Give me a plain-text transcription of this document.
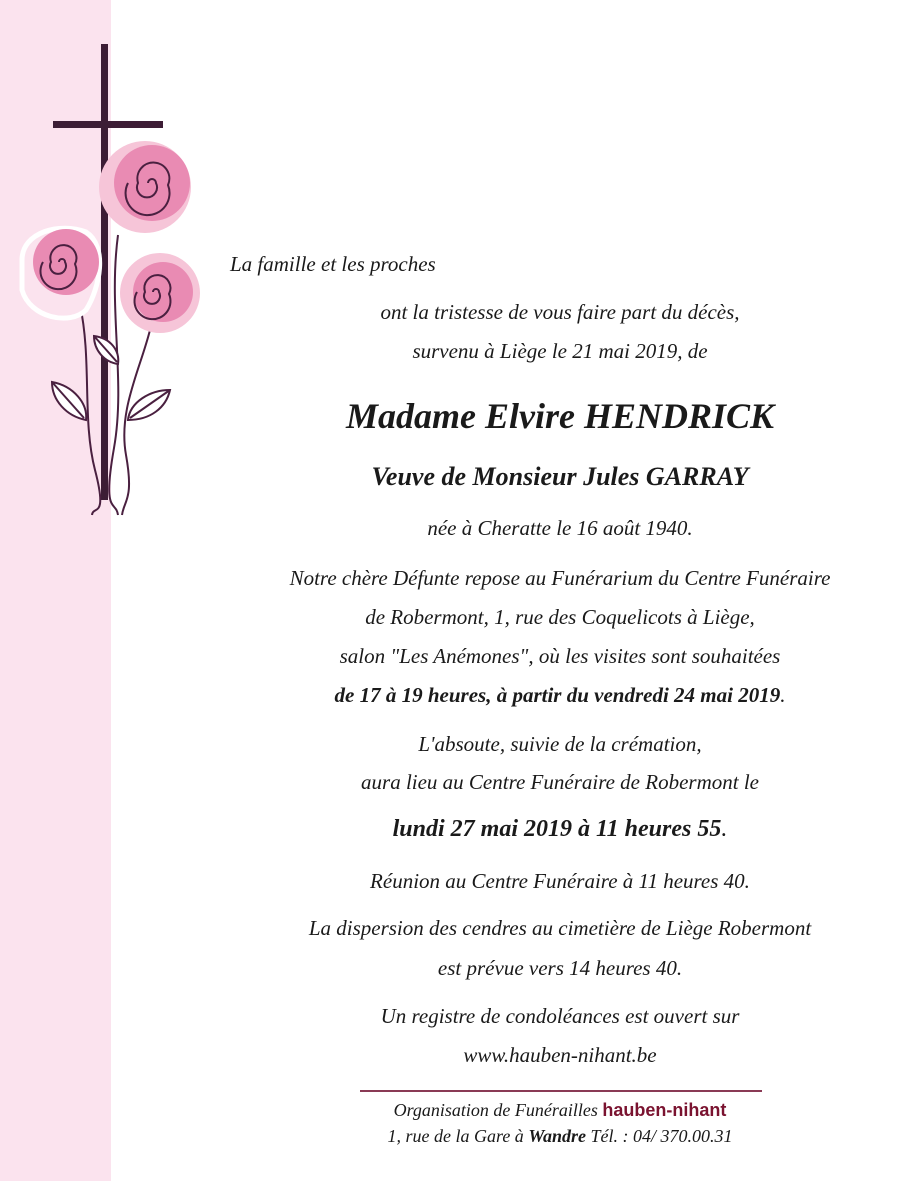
La famille et les proches
ont la tristesse de vous faire part du décès,
survenu à Liège le 21 mai 2019, de
Madame Elvire HENDRICK
Veuve de Monsieur Jules GARRAY
née à Cheratte le 16 août 1940.
Notre chère Défunte repose au Funérarium du Centre Funéraire
de Robermont, 1, rue des Coquelicots à Liège,
salon "Les Anémones", où les visites sont souhaitées
de 17 à 19 heures, à partir du vendredi 24 mai 2019.
L'absoute, suivie de la crémation,
aura lieu au Centre Funéraire de Robermont le
lundi 27 mai 2019 à 11 heures 55.
Réunion au Centre Funéraire à 11 heures 40.
La dispersion des cendres au cimetière de Liège Robermont
est prévue vers 14 heures 40.
Un registre de condoléances est ouvert sur
www.hauben-nihant.be
Organisation de Funérailles hauben-nihant
1, rue de la Gare à Wandre Tél. : 04/ 370.00.31
